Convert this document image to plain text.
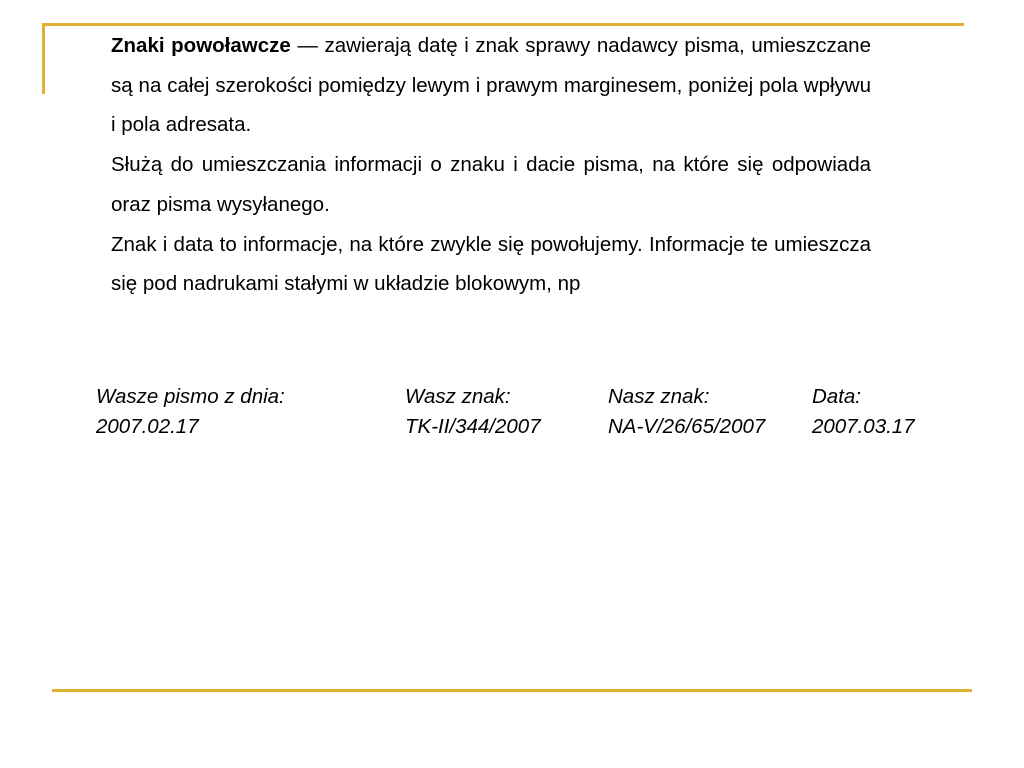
Znaki powoławcze — zawierają datę i znak sprawy nadawcy pisma, umieszczane są na całej szerokości pomiędzy lewym i prawym marginesem, poniżej pola wpływu i pola adresata.

Służą do umieszczania informacji o znaku i dacie pisma, na które się odpowiada oraz pisma wysyłanego.

Znak i data to informacje, na które zwykle się powołujemy. Informacje te umieszcza się pod nadrukami stałymi w układzie blokowym, np

Wasze pismo z dnia:
2007.02.17
Wasz znak:
TK-II/344/2007
Nasz znak:
NA-V/26/65/2007
Data:
2007.03.17
